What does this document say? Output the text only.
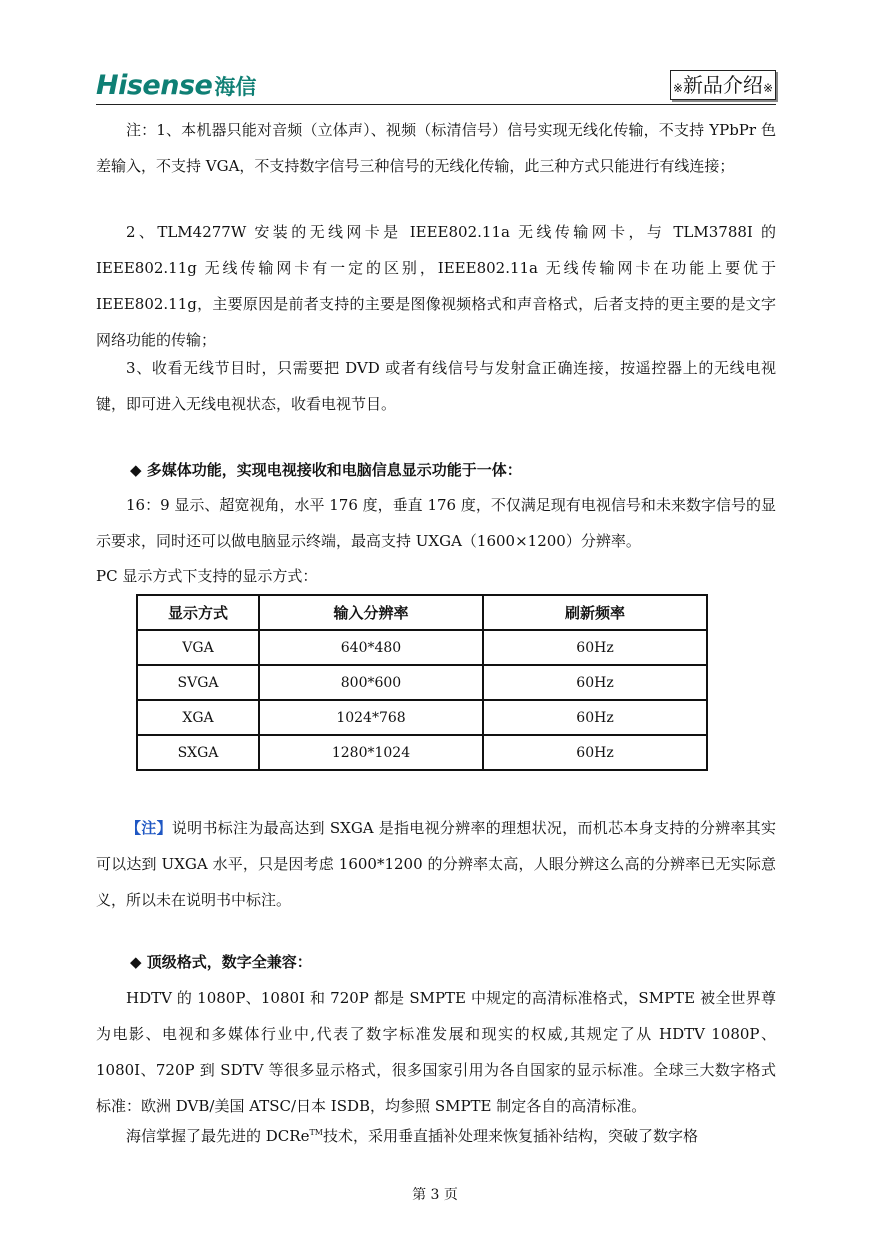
Hisense 海信	※新品介绍※
注：1、本机器只能对音频（立体声）、视频（标清信号）信号实现无线化传输，不支持 YPbPr 色差输入，不支持 VGA，不支持数字信号三种信号的无线化传输，此三种方式只能进行有线连接；
2、TLM4277W 安装的无线网卡是 IEEE802.11a 无线传输网卡，与 TLM3788I 的IEEE802.11g 无线传输网卡有一定的区别，IEEE802.11a 无线传输网卡在功能上要优于IEEE802.11g，主要原因是前者支持的主要是图像视频格式和声音格式，后者支持的更主要的是文字网络功能的传输；
3、收看无线节目时，只需要把 DVD 或者有线信号与发射盒正确连接，按遥控器上的无线电视键，即可进入无线电视状态，收看电视节目。
◆ 多媒体功能，实现电视接收和电脑信息显示功能于一体：
16：9 显示、超宽视角，水平 176 度，垂直 176 度，不仅满足现有电视信号和未来数字信号的显示要求，同时还可以做电脑显示终端，最高支持 UXGA（1600×1200）分辨率。
PC 显示方式下支持的显示方式：
显示方式	输入分辨率	刷新频率
VGA	640*480	60Hz
SVGA	800*600	60Hz
XGA	1024*768	60Hz
SXGA	1280*1024	60Hz
【注】说明书标注为最高达到 SXGA 是指电视分辨率的理想状况，而机芯本身支持的分辨率其实可以达到 UXGA 水平，只是因考虑 1600*1200 的分辨率太高，人眼分辨这么高的分辨率已无实际意义，所以未在说明书中标注。
◆ 顶级格式，数字全兼容：
HDTV 的 1080P、1080I 和 720P 都是 SMPTE 中规定的高清标准格式，SMPTE 被全世界尊为电影、电视和多媒体行业中,代表了数字标准发展和现实的权威,其规定了从 HDTV 1080P、1080I、720P 到 SDTV 等很多显示格式，很多国家引用为各自国家的显示标准。全球三大数字格式标准：欧洲 DVB/美国 ATSC/日本 ISDB，均参照 SMPTE 制定各自的高清标准。
海信掌握了最先进的 DCRe™技术，采用垂直插补处理来恢复插补结构，突破了数字格
第 3 页
